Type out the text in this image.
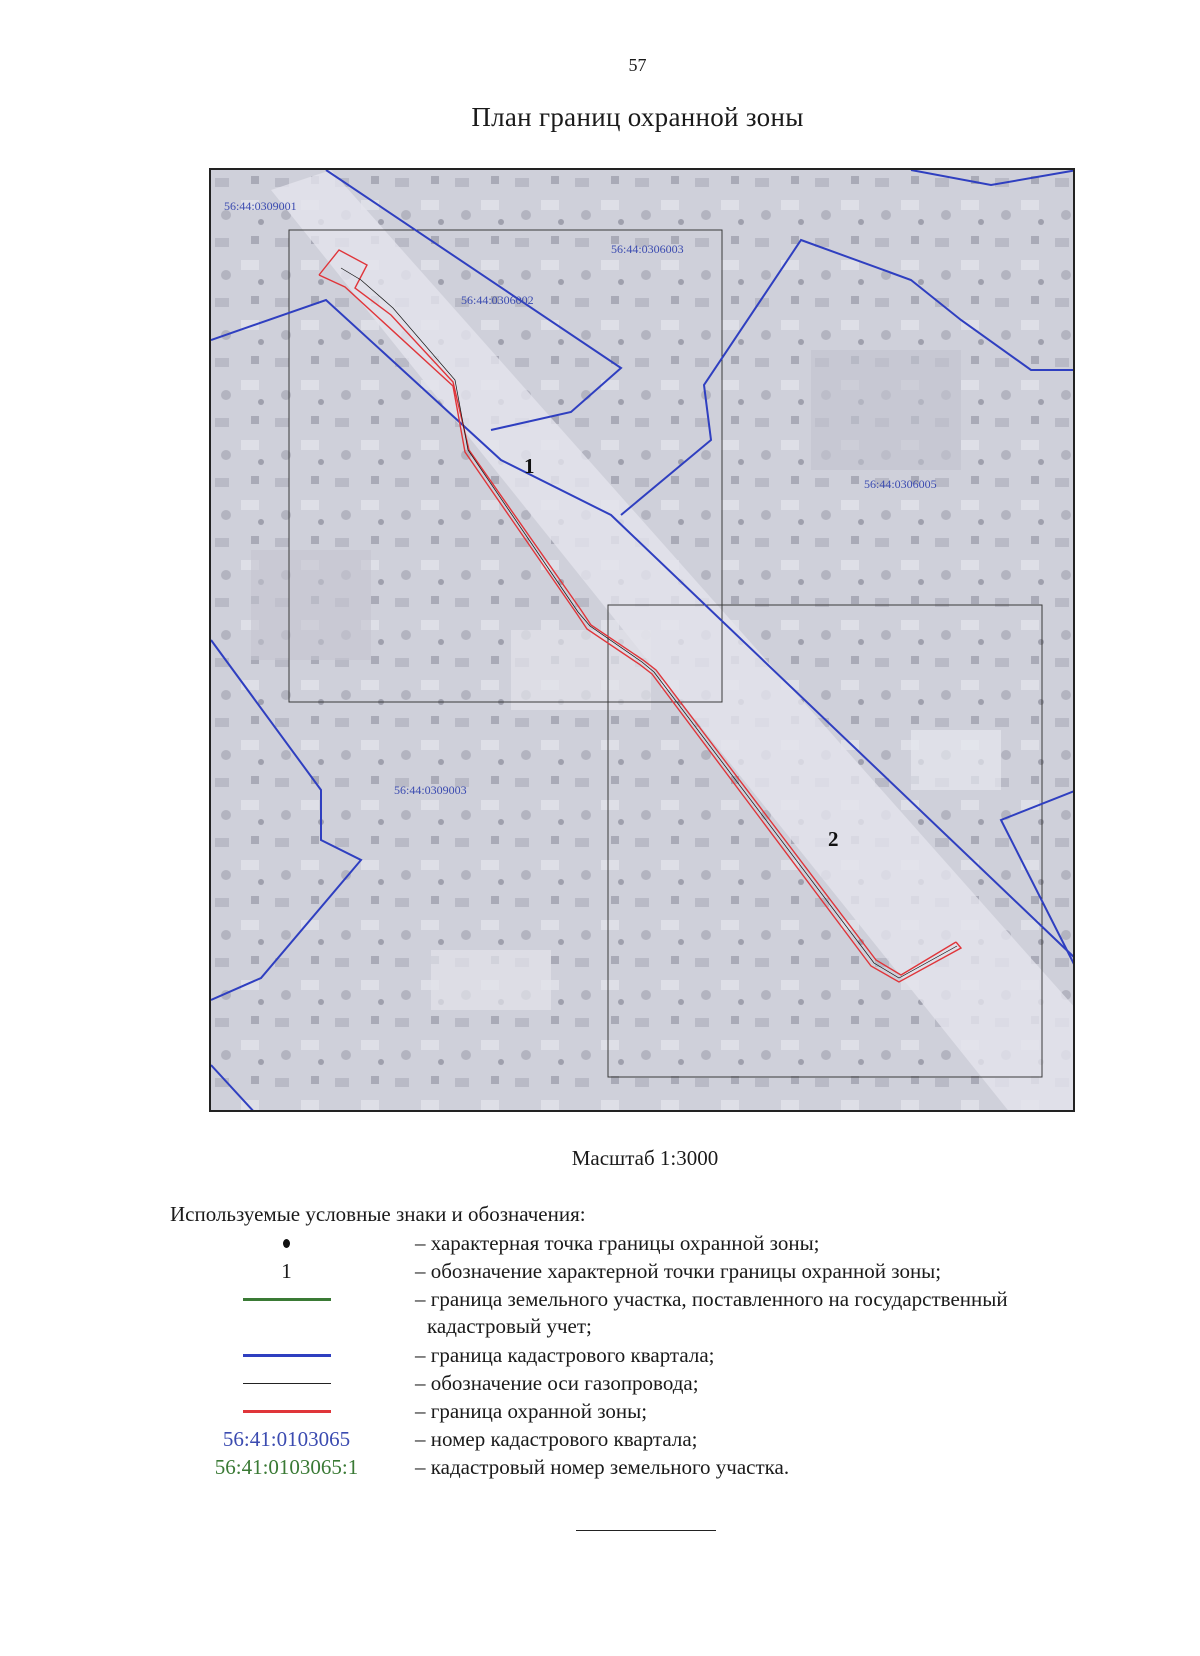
57
План границ охранной зоны
56:44:0309001
56:44:0306003
56:44:0306002
56:44:0306005
56:44:0309003
1
2
Масштаб 1:3000
Используемые условные знаки и обозначения:
– характерная точка границы охранной зоны;
1	– обозначение характерной точки границы охранной зоны;
– граница земельного участка, поставленного на государственный
кадастровый учет;
– граница кадастрового квартала;
– обозначение оси газопровода;
– граница охранной зоны;
56:41:0103065	– номер кадастрового квартала;
56:41:0103065:1	– кадастровый номер земельного участка.
